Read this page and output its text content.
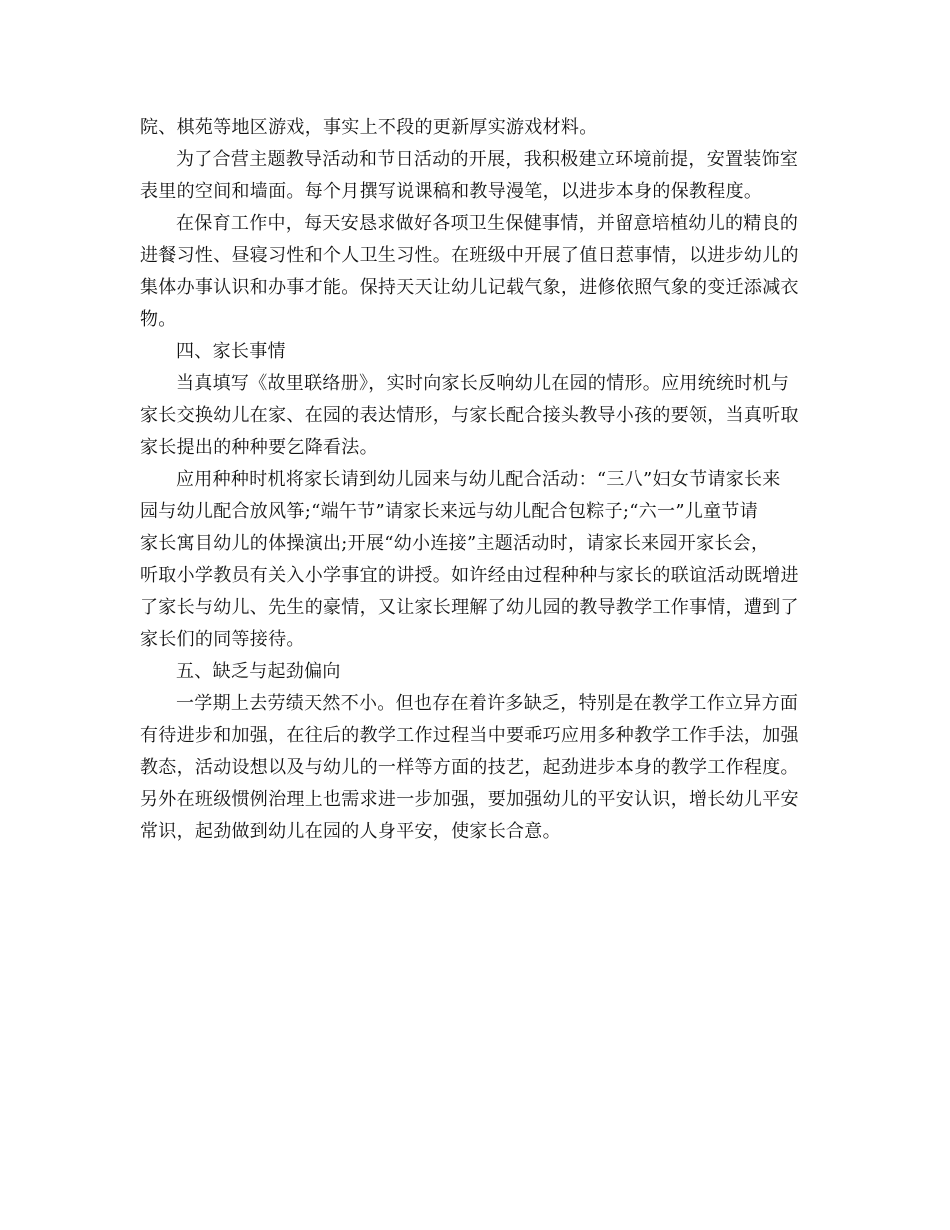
院、棋苑等地区游戏，事实上不段的更新厚实游戏材料。
为了合营主题教导活动和节日活动的开展，我积极建立环境前提，安置装饰室
表里的空间和墙面。每个月撰写说课稿和教导漫笔，以进步本身的保教程度。
在保育工作中，每天安恳求做好各项卫生保健事情，并留意培植幼儿的精良的
进餐习性、昼寝习性和个人卫生习性。在班级中开展了值日惹事情，以进步幼儿的
集体办事认识和办事才能。保持天天让幼儿记载气象，进修依照气象的变迁添减衣
物。
四、家长事情
当真填写《故里联络册》，实时向家长反响幼儿在园的情形。应用统统时机与
家长交换幼儿在家、在园的表达情形，与家长配合接头教导小孩的要领，当真听取
家长提出的种种要乞降看法。
应用种种时机将家长请到幼儿园来与幼儿配合活动：“三八”妇女节请家长来
园与幼儿配合放风筝;“端午节”请家长来远与幼儿配合包粽子;“六一”儿童节请
家长寓目幼儿的体操演出;开展“幼小连接”主题活动时，请家长来园开家长会，
听取小学教员有关入小学事宜的讲授。如许经由过程种种与家长的联谊活动既增进
了家长与幼儿、先生的豪情，又让家长理解了幼儿园的教导教学工作事情，遭到了
家长们的同等接待。
五、缺乏与起劲偏向
一学期上去劳绩天然不小。但也存在着许多缺乏，特别是在教学工作立异方面
有待进步和加强，在往后的教学工作过程当中要乖巧应用多种教学工作手法，加强
教态，活动设想以及与幼儿的一样等方面的技艺，起劲进步本身的教学工作程度。
另外在班级惯例治理上也需求进一步加强，要加强幼儿的平安认识，增长幼儿平安
常识，起劲做到幼儿在园的人身平安，使家长合意。
